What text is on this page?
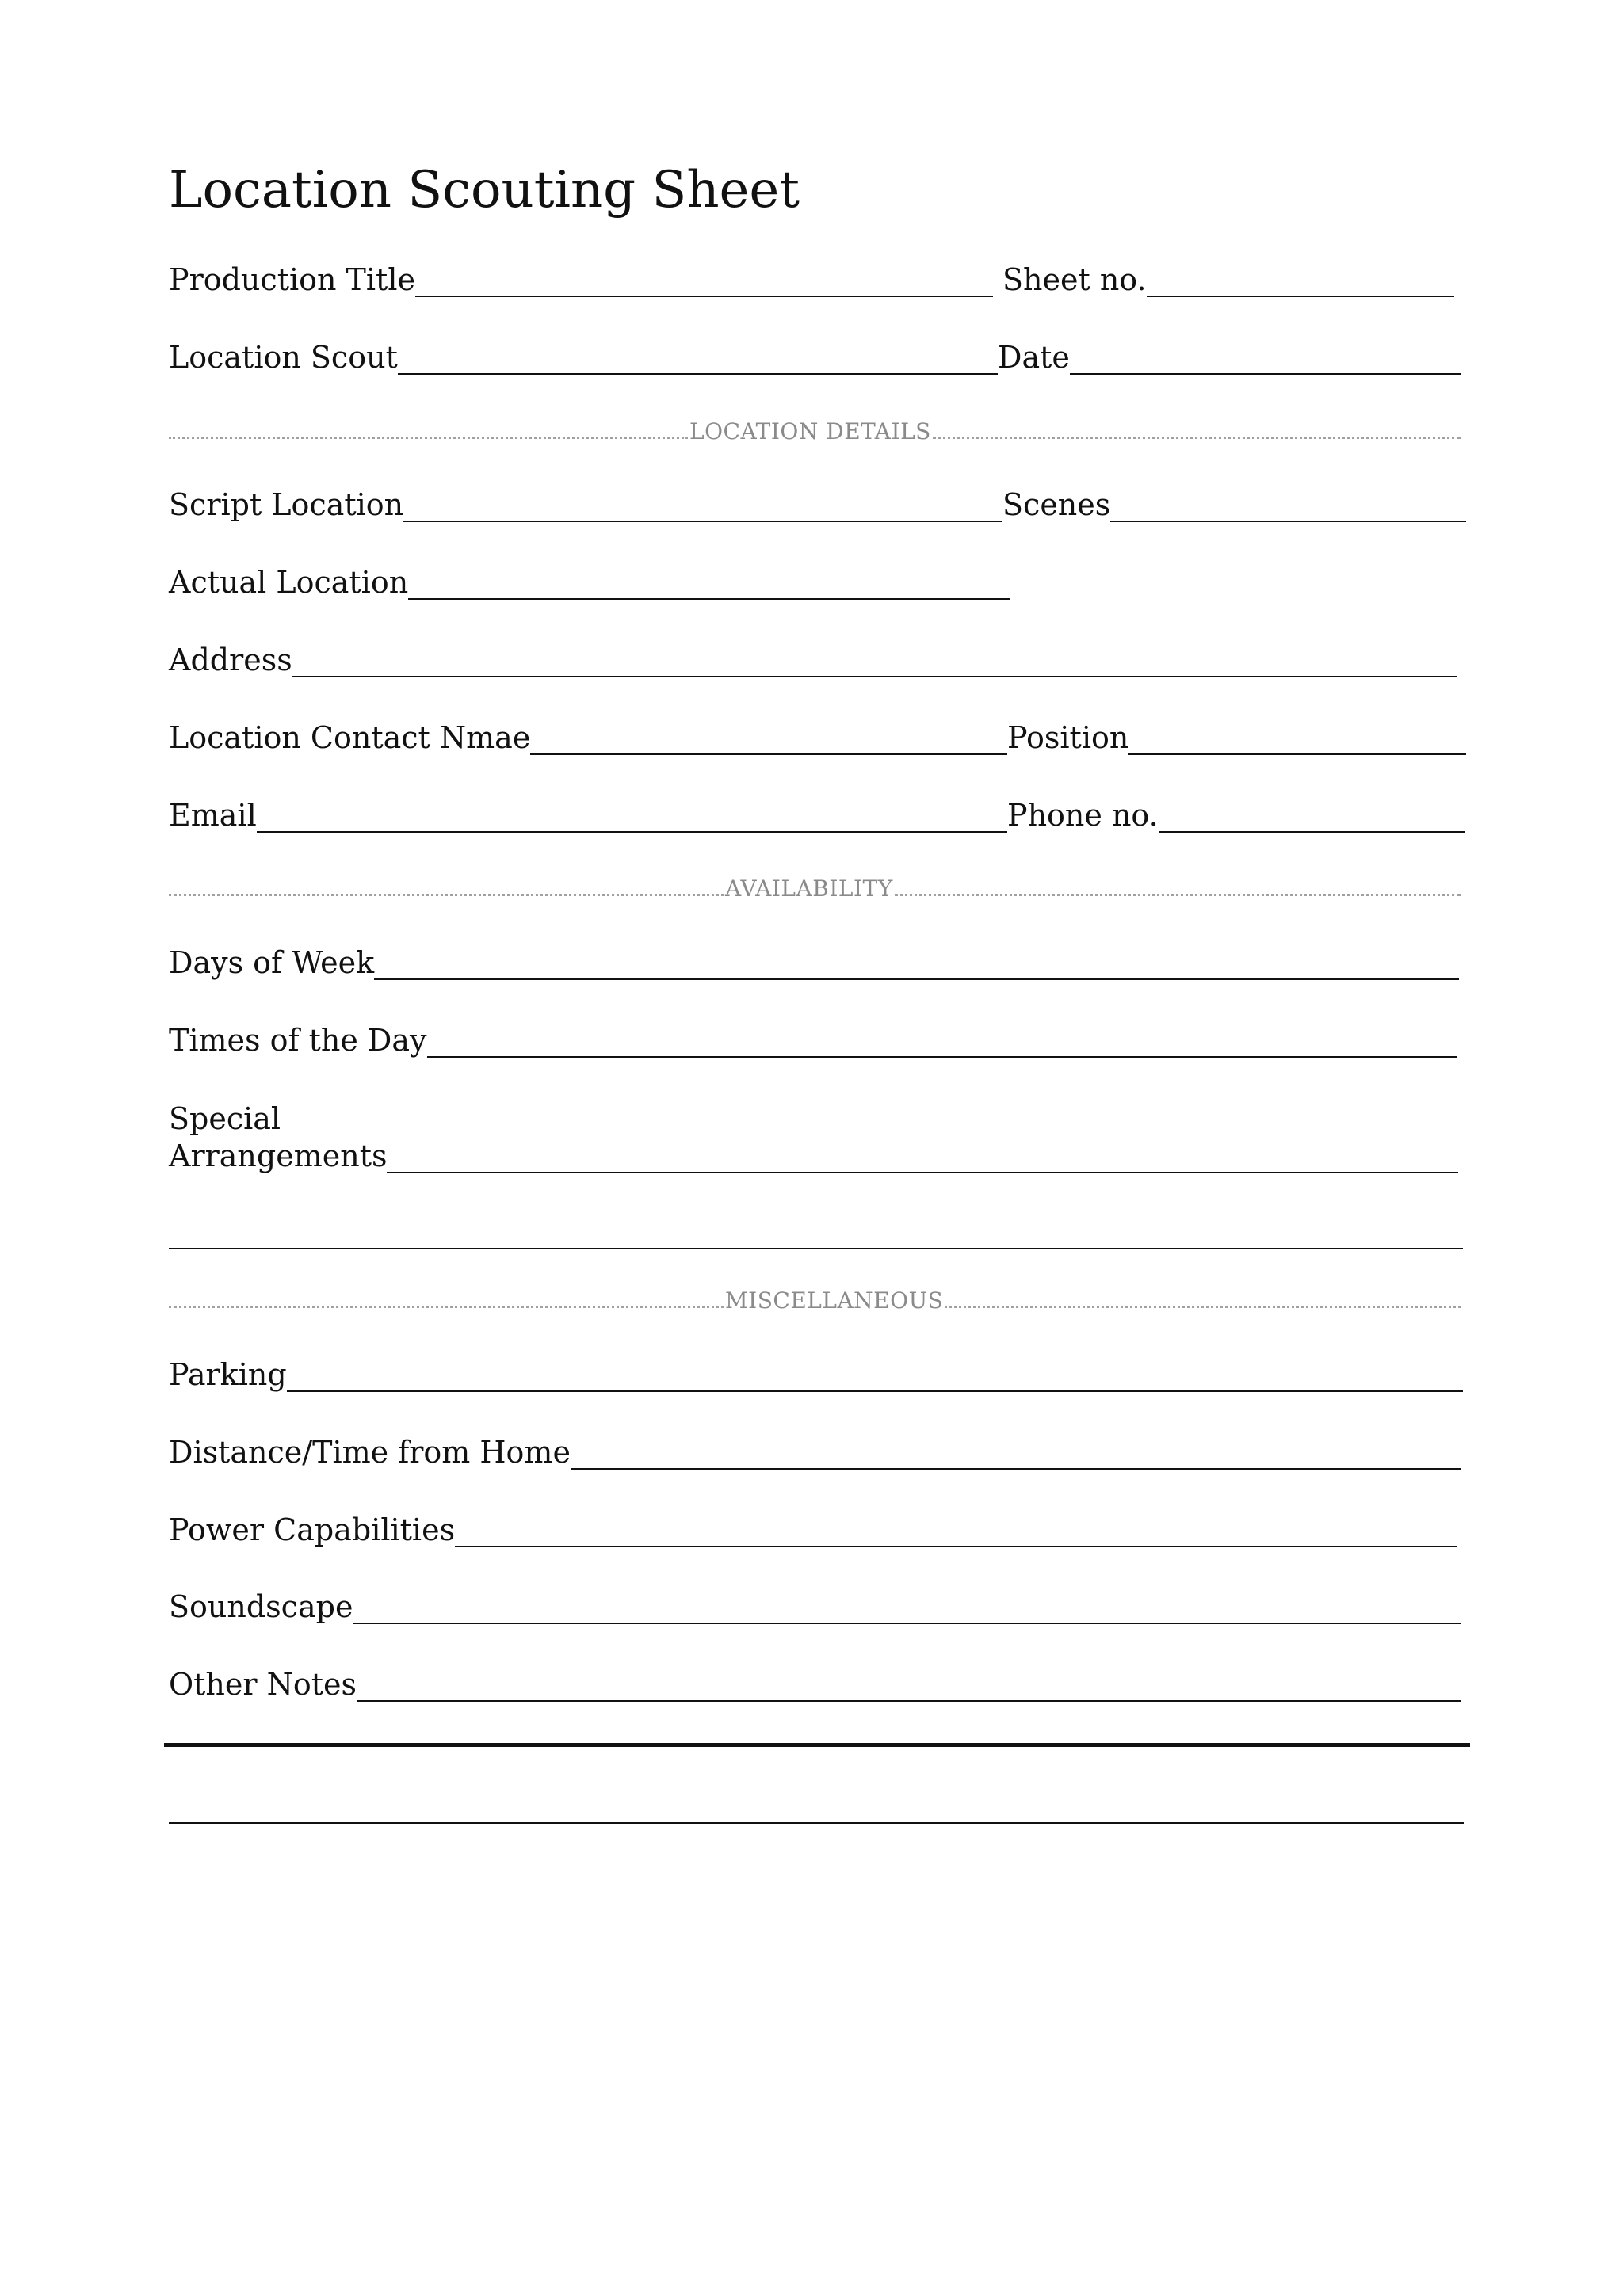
Location Scouting Sheet
Production Title	Sheet no.
Location Scout	Date
LOCATION DETAILS
Script Location	Scenes
Actual Location
Address
Location Contact Nmae	Position
Email	Phone no.
AVAILABILITY
Days of Week
Times of the Day
Special
Arrangements
MISCELLANEOUS
Parking
Distance/Time from Home
Power Capabilities
Soundscape
Other Notes
